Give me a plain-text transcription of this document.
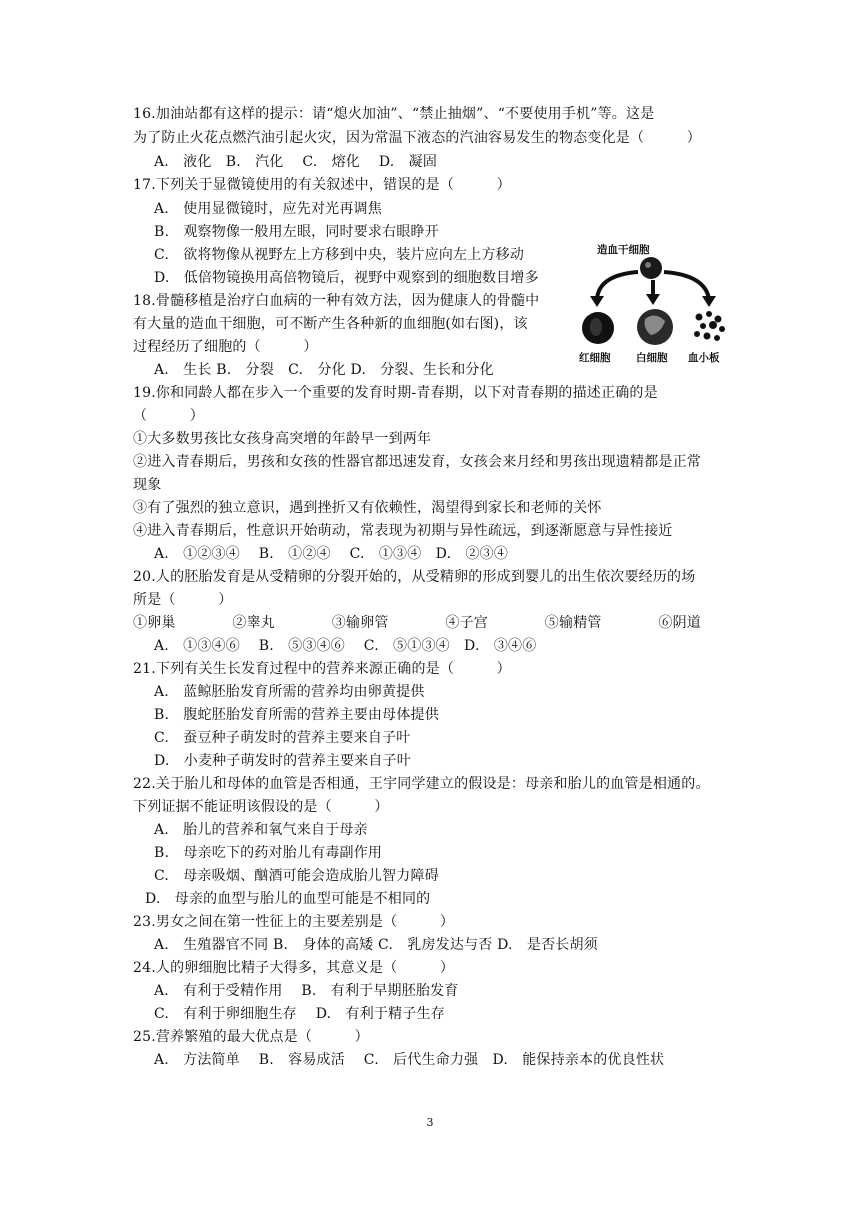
16.加油站都有这样的提示：请“熄火加油”、“禁止抽烟”、“不要使用手机”等。这是
为了防止火花点燃汽油引起火灾，因为常温下液态的汽油容易发生的物态变化是（　　　）
A.　液化　B.　汽化　 C.　熔化　 D.　凝固
17.下列关于显微镜使用的有关叙述中，错误的是（　　　）
A.　使用显微镜时，应先对光再调焦
B.　观察物像一般用左眼，同时要求右眼睁开
C.　欲将物像从视野左上方移到中央，装片应向左上方移动
D.　低倍物镜换用高倍物镜后，视野中观察到的细胞数目增多
18.骨髓移植是治疗白血病的一种有效方法，因为健康人的骨髓中
有大量的造血干细胞，可不断产生各种新的血细胞(如右图)，该
过程经历了细胞的（　　　）
A.　生长 B.　分裂　C.　分化 D.　分裂、生长和分化
19.你和同龄人都在步入一个重要的发育时期-青春期，以下对青春期的描述正确的是
（　　　）
①大多数男孩比女孩身高突增的年龄早一到两年
②进入青春期后，男孩和女孩的性器官都迅速发育，女孩会来月经和男孩出现遗精都是正常
现象
③有了强烈的独立意识，遇到挫折又有依赖性，渴望得到家长和老师的关怀
④进入青春期后，性意识开始萌动，常表现为初期与异性疏远，到逐渐愿意与异性接近
A.　①②③④　 B.　①②④　 C.　①③④　D.　②③④
20.人的胚胎发育是从受精卵的分裂开始的，从受精卵的形成到婴儿的出生依次要经历的场
所是（　　　）
①卵巢　　　　②睾丸　　　　③输卵管　　　　④子宫　　　　⑤输精管　　　　⑥阴道
A.　①③④⑥　 B.　⑤③④⑥　 C.　⑤①③④　D.　③④⑥
21.下列有关生长发育过程中的营养来源正确的是（　　　）
A.　蓝鲸胚胎发育所需的营养均由卵黄提供
B.　腹蛇胚胎发育所需的营养主要由母体提供
C.　蚕豆种子萌发时的营养主要来自子叶
D.　小麦种子萌发时的营养主要来自子叶
22.关于胎儿和母体的血管是否相通，王宇同学建立的假设是：母亲和胎儿的血管是相通的。
下列证据不能证明该假设的是（　　　）
A.　胎儿的营养和氧气来自于母亲
B.　母亲吃下的药对胎儿有毒副作用
C.　母亲吸烟、酗酒可能会造成胎儿智力障碍
D.　母亲的血型与胎儿的血型可能是不相同的
23.男女之间在第一性征上的主要差别是（　　　）
A.　生殖器官不同 B.　身体的高矮 C.　乳房发达与否 D.　是否长胡须
24.人的卵细胞比精子大得多，其意义是（　　　）
A.　有利于受精作用　 B.　有利于早期胚胎发育
C.　有利于卵细胞生存　 D.　有利于精子生存
25.营养繁殖的最大优点是（　　　）
A.　方法简单　 B.　容易成活　 C.　后代生命力强　D.　能保持亲本的优良性状
造血干细胞
红细胞 白细胞 血小板
3
